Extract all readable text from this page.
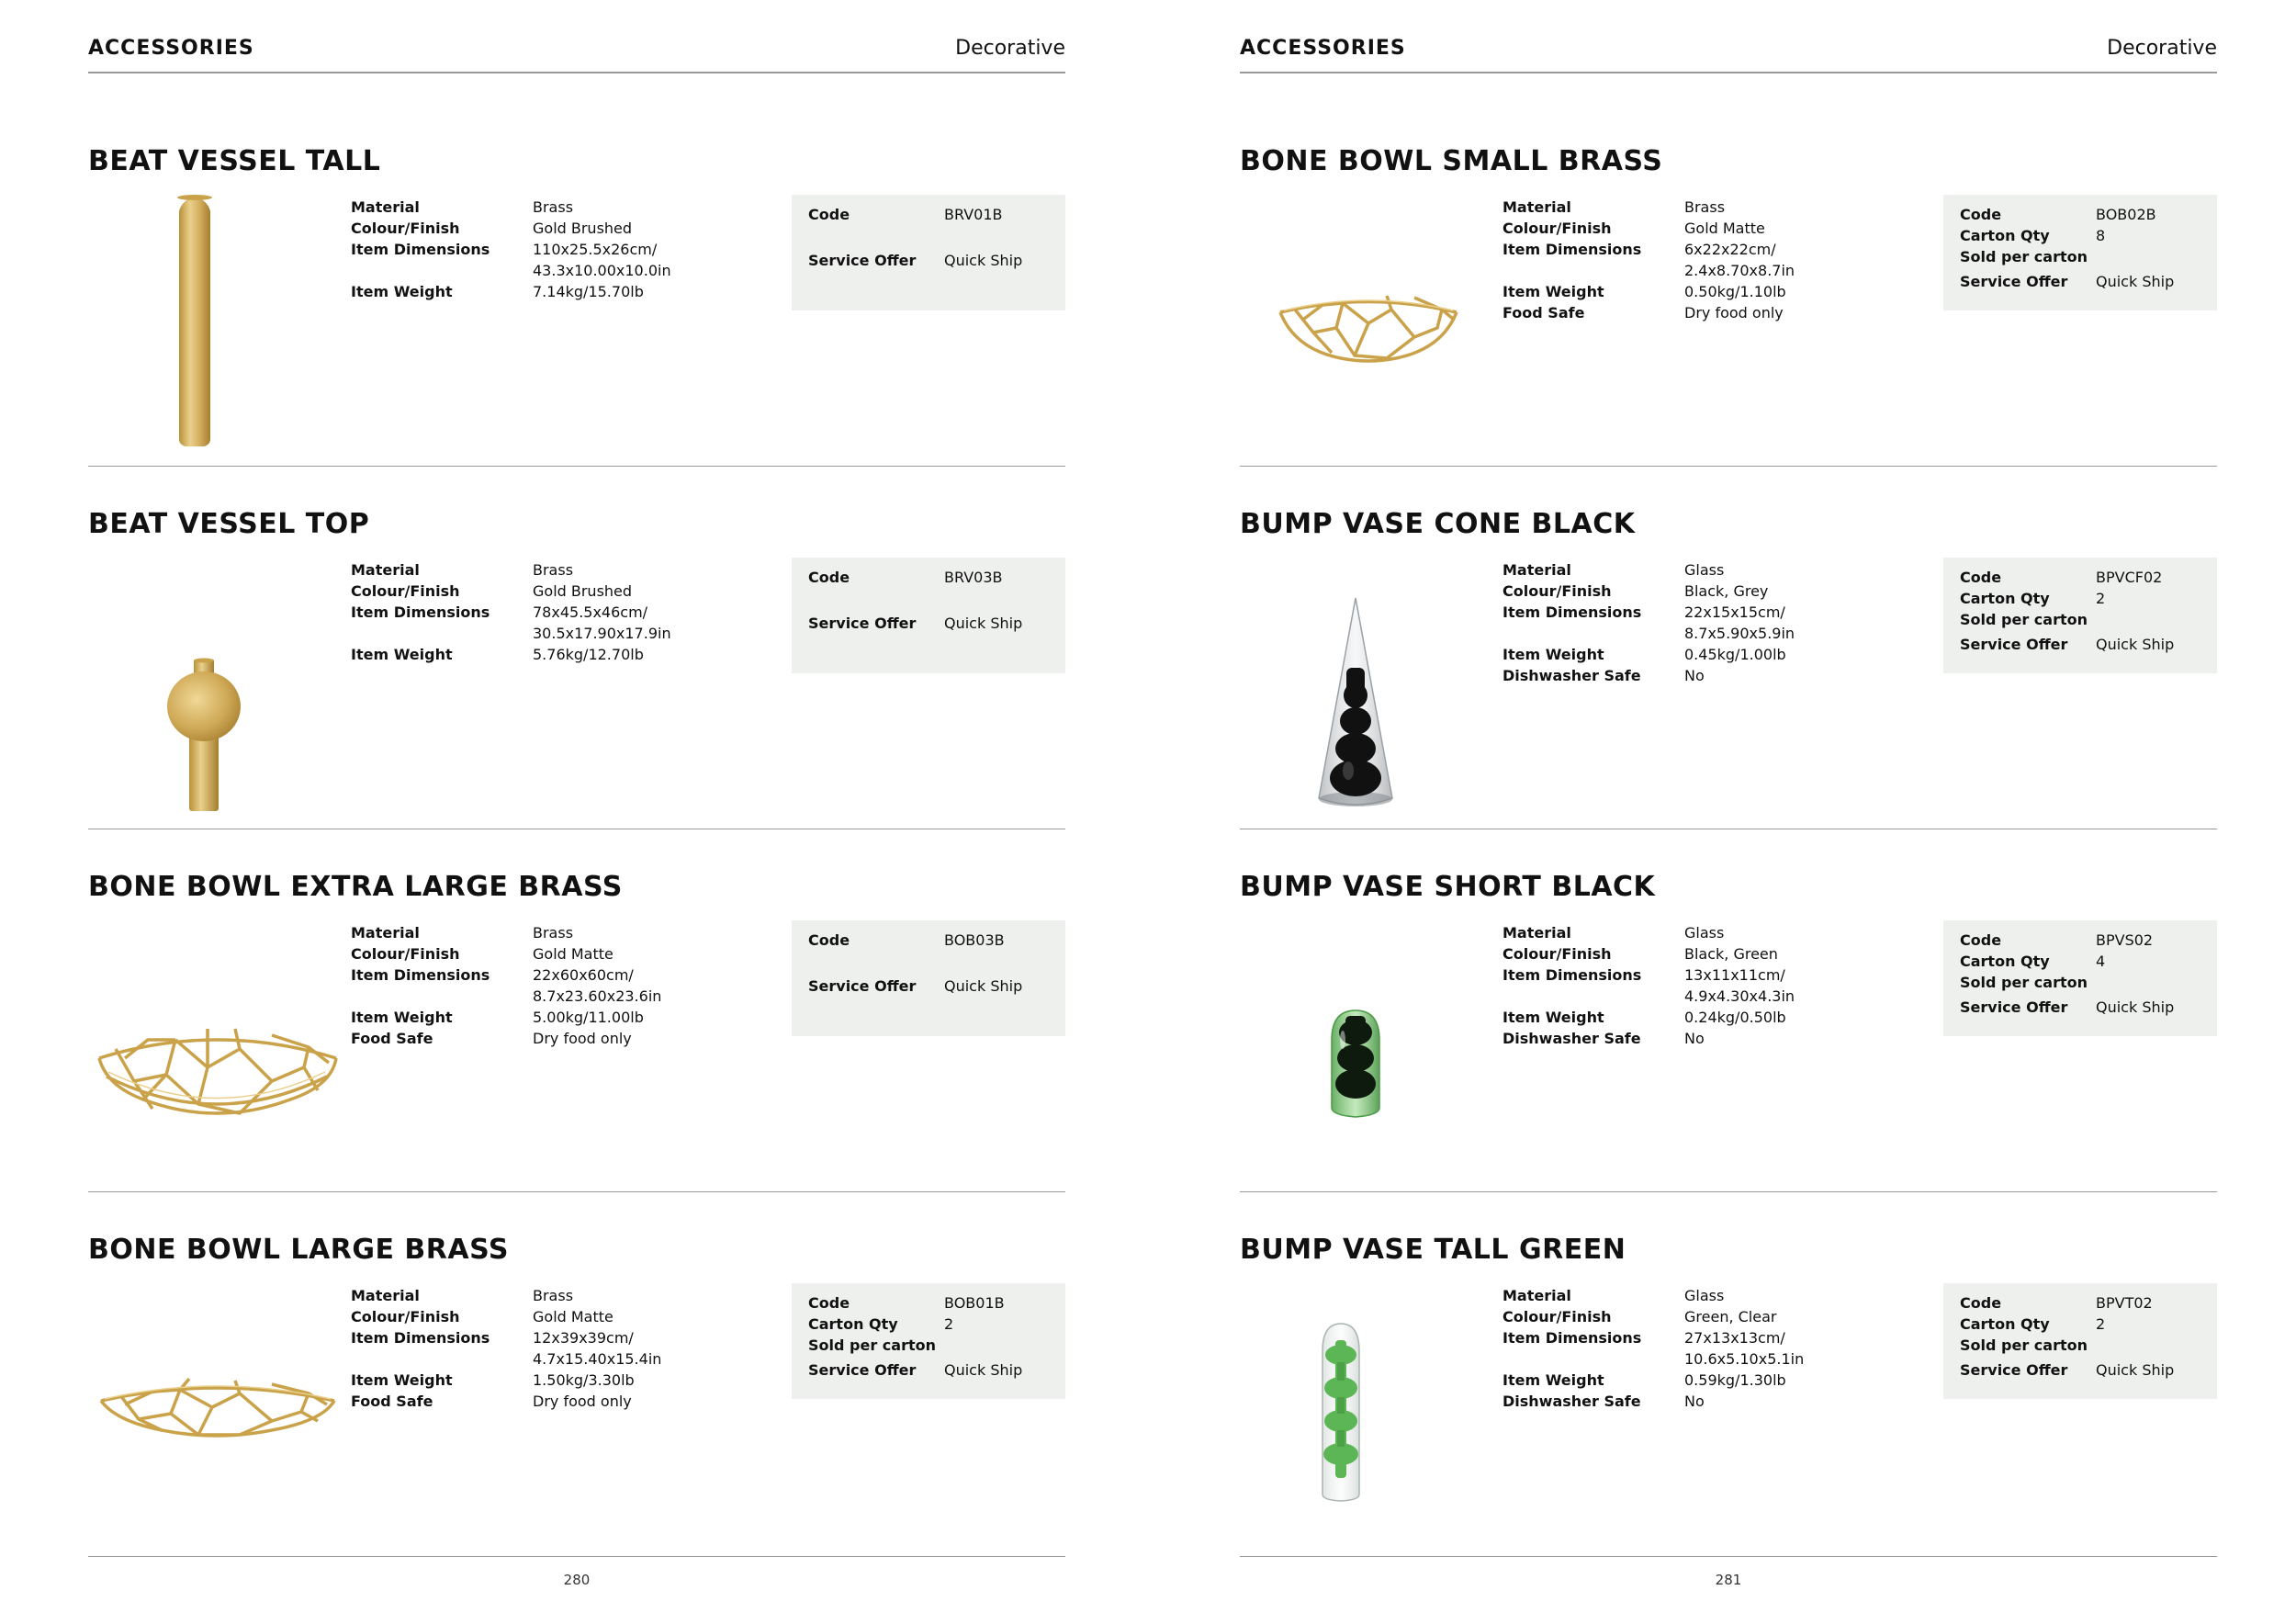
ACCESSORIES	Decorative
BEAT VESSEL TALL
Material	Brass
Colour/Finish	Gold Brushed
Item Dimensions	110x25.5x26cm/
43.3x10.00x10.0in
Item Weight	7.14kg/15.70lb
Code	BRV01B
Service Offer	Quick Ship
BEAT VESSEL TOP
Material	Brass
Colour/Finish	Gold Brushed
Item Dimensions	78x45.5x46cm/
30.5x17.90x17.9in
Item Weight	5.76kg/12.70lb
Code	BRV03B
Service Offer	Quick Ship
BONE BOWL EXTRA LARGE BRASS
Material	Brass
Colour/Finish	Gold Matte
Item Dimensions	22x60x60cm/
8.7x23.60x23.6in
Item Weight	5.00kg/11.00lb
Food Safe	Dry food only
Code	BOB03B
Service Offer	Quick Ship
BONE BOWL LARGE BRASS
Material	Brass
Colour/Finish	Gold Matte
Item Dimensions	12x39x39cm/
4.7x15.40x15.4in
Item Weight	1.50kg/3.30lb
Food Safe	Dry food only
Code	BOB01B
Carton Qty	2
Sold per carton
Service Offer	Quick Ship
280
ACCESSORIES	Decorative
BONE BOWL SMALL BRASS
Material	Brass
Colour/Finish	Gold Matte
Item Dimensions	6x22x22cm/
2.4x8.70x8.7in
Item Weight	0.50kg/1.10lb
Food Safe	Dry food only
Code	BOB02B
Carton Qty	8
Sold per carton
Service Offer	Quick Ship
BUMP VASE CONE BLACK
Material	Glass
Colour/Finish	Black, Grey
Item Dimensions	22x15x15cm/
8.7x5.90x5.9in
Item Weight	0.45kg/1.00lb
Dishwasher Safe	No
Code	BPVCF02
Carton Qty	2
Sold per carton
Service Offer	Quick Ship
BUMP VASE SHORT BLACK
Material	Glass
Colour/Finish	Black, Green
Item Dimensions	13x11x11cm/
4.9x4.30x4.3in
Item Weight	0.24kg/0.50lb
Dishwasher Safe	No
Code	BPVS02
Carton Qty	4
Sold per carton
Service Offer	Quick Ship
BUMP VASE TALL GREEN
Material	Glass
Colour/Finish	Green, Clear
Item Dimensions	27x13x13cm/
10.6x5.10x5.1in
Item Weight	0.59kg/1.30lb
Dishwasher Safe	No
Code	BPVT02
Carton Qty	2
Sold per carton
Service Offer	Quick Ship
281
